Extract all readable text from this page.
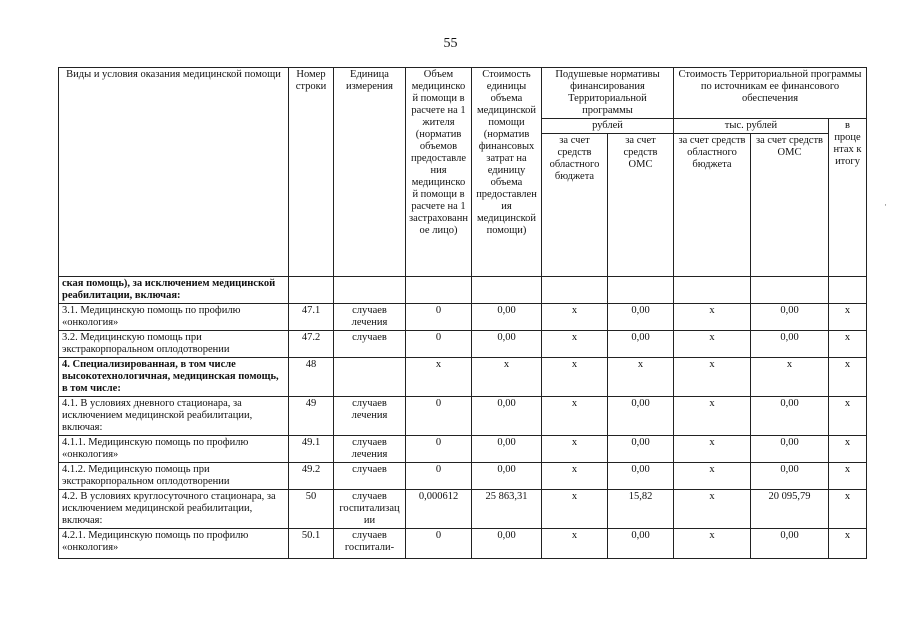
55
Виды и условия оказания медицинской помощи	Номер строки	Единица измерения	Объем медицинской помощи в расчете на 1 жителя (норматив объемов предоставления медицинской помощи в расчете на 1 застрахованное лицо)	Стоимость единицы объема медицинской помощи (норматив финансовых затрат на единицу объема предоставления медицинской помощи)	Подушевые нормативы финансирования Территориальной программы		Стоимость Территориальной программы по источникам ее финансового обеспечения		
					рублей		тыс. рублей		в процентах к итогу
					за счет средств областного бюджета	за счет средств ОМС	за счет средств областного бюджета	за счет средств ОМС	
ская помощь), за исключением медицинской реабилитации, включая:									
3.1. Медицинскую помощь по профилю «онкология»	47.1	случаев лечения	0	0,00	x	0,00	x	0,00	x
3.2. Медицинскую помощь при экстракорпоральном оплодотворении	47.2	случаев	0	0,00	x	0,00	x	0,00	x
4. Специализированная, в том числе высокотехнологичная, медицинская помощь, в том числе:	48		x	x	x	x	x	x	x
4.1. В условиях дневного стационара, за исключением медицинской реабилитации, включая:	49	случаев лечения	0	0,00	x	0,00	x	0,00	x
4.1.1. Медицинскую помощь по профилю «онкология»	49.1	случаев лечения	0	0,00	x	0,00	x	0,00	x
4.1.2. Медицинскую помощь при экстракорпоральном оплодотворении	49.2	случаев	0	0,00	x	0,00	x	0,00	x
4.2. В условиях круглосуточного стационара, за исключением медицинской реабилитации, включая:	50	случаев госпитализации	0,000612	25 863,31	x	15,82	x	20 095,79	x
4.2.1. Медицинскую помощь по профилю «онкология»	50.1	случаев госпитали-	0	0,00	x	0,00	x	0,00	x
·
